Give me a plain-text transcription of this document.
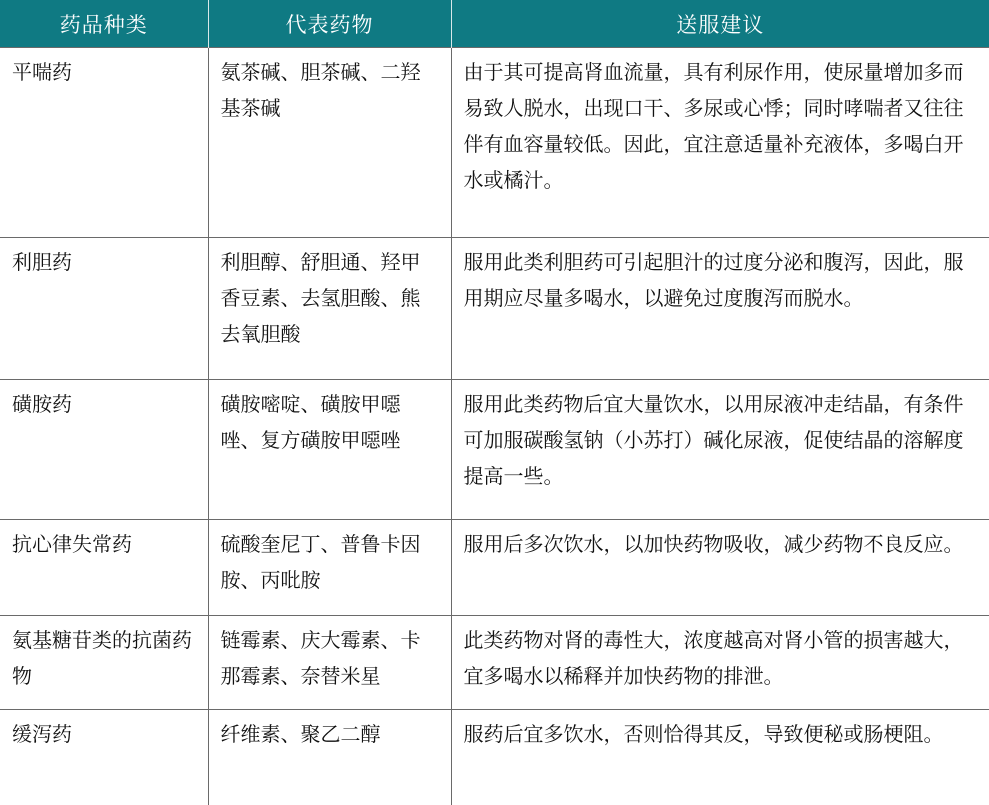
药品种类	代表药物	送服建议
平喘药	氨茶碱、胆茶碱、二羟基茶碱	由于其可提高肾血流量，具有利尿作用，使尿量增加多而易致人脱水，出现口干、多尿或心悸；同时哮喘者又往往伴有血容量较低。因此，宜注意适量补充液体，多喝白开水或橘汁。
利胆药	利胆醇、舒胆通、羟甲香豆素、去氢胆酸、熊去氧胆酸	服用此类利胆药可引起胆汁的过度分泌和腹泻，因此，服用期应尽量多喝水，以避免过度腹泻而脱水。
磺胺药	磺胺嘧啶、磺胺甲噁唑、复方磺胺甲噁唑	服用此类药物后宜大量饮水，以用尿液冲走结晶，有条件可加服碳酸氢钠（小苏打）碱化尿液，促使结晶的溶解度提高一些。
抗心律失常药	硫酸奎尼丁、普鲁卡因胺、丙吡胺	服用后多次饮水，以加快药物吸收，减少药物不良反应。
氨基糖苷类的抗菌药物	链霉素、庆大霉素、卡那霉素、奈替米星	此类药物对肾的毒性大，浓度越高对肾小管的损害越大，宜多喝水以稀释并加快药物的排泄。
缓泻药	纤维素、聚乙二醇	服药后宜多饮水，否则恰得其反，导致便秘或肠梗阻。
